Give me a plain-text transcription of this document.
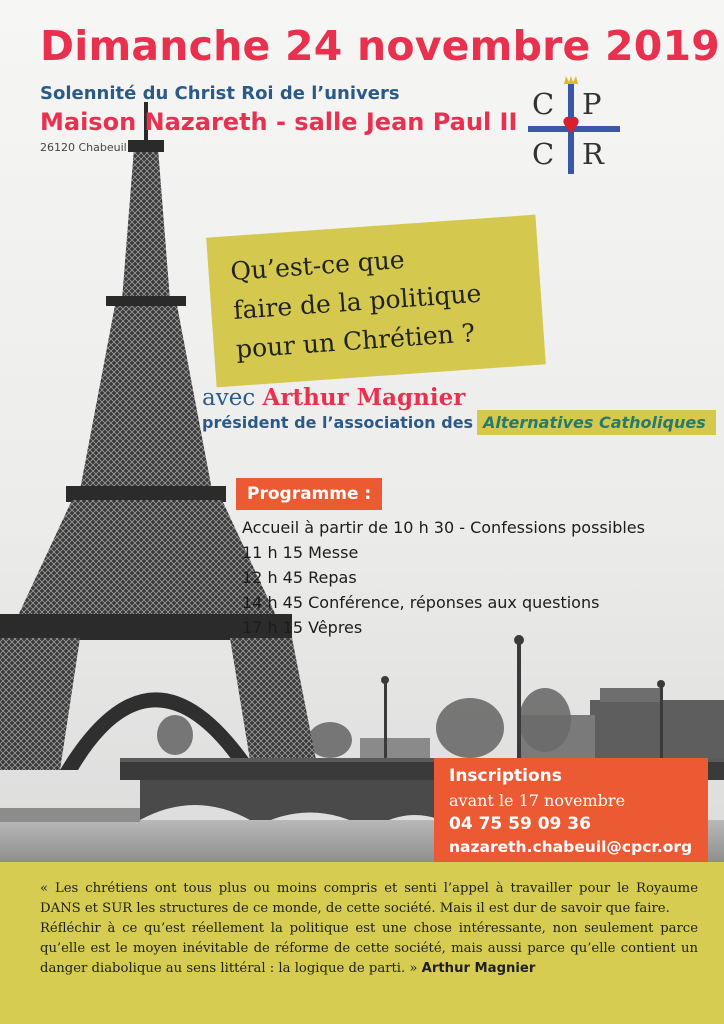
Dimanche 24 novembre 2019
Solennité du Christ Roi de l’univers
Maison Nazareth - salle Jean Paul II
26120 Chabeuil
C P
C R
Qu’est-ce que
faire de la politique
pour un Chrétien ?
avec Arthur Magnier
président de l’association des Alternatives Catholiques
Programme :
Accueil à partir de 10 h 30 - Confessions possibles
11 h 15 Messe
12 h 45 Repas
14 h 45 Conférence, réponses aux questions
17 h 15 Vêpres
Inscriptions
avant le 17 novembre
04 75 59 09 36
nazareth.chabeuil@cpcr.org

« Les chrétiens ont tous plus ou moins compris et senti l’appel à travailler pour le Royaume DANS et SUR les structures de ce monde, de cette société. Mais il est dur de savoir que faire.

Réfléchir à ce qu’est réellement la politique est une chose intéressante, non seulement parce qu’elle est le moyen inévitable de réforme de cette société, mais aussi parce qu’elle contient un danger diabolique au sens littéral : la logique de parti. » Arthur Magnier
